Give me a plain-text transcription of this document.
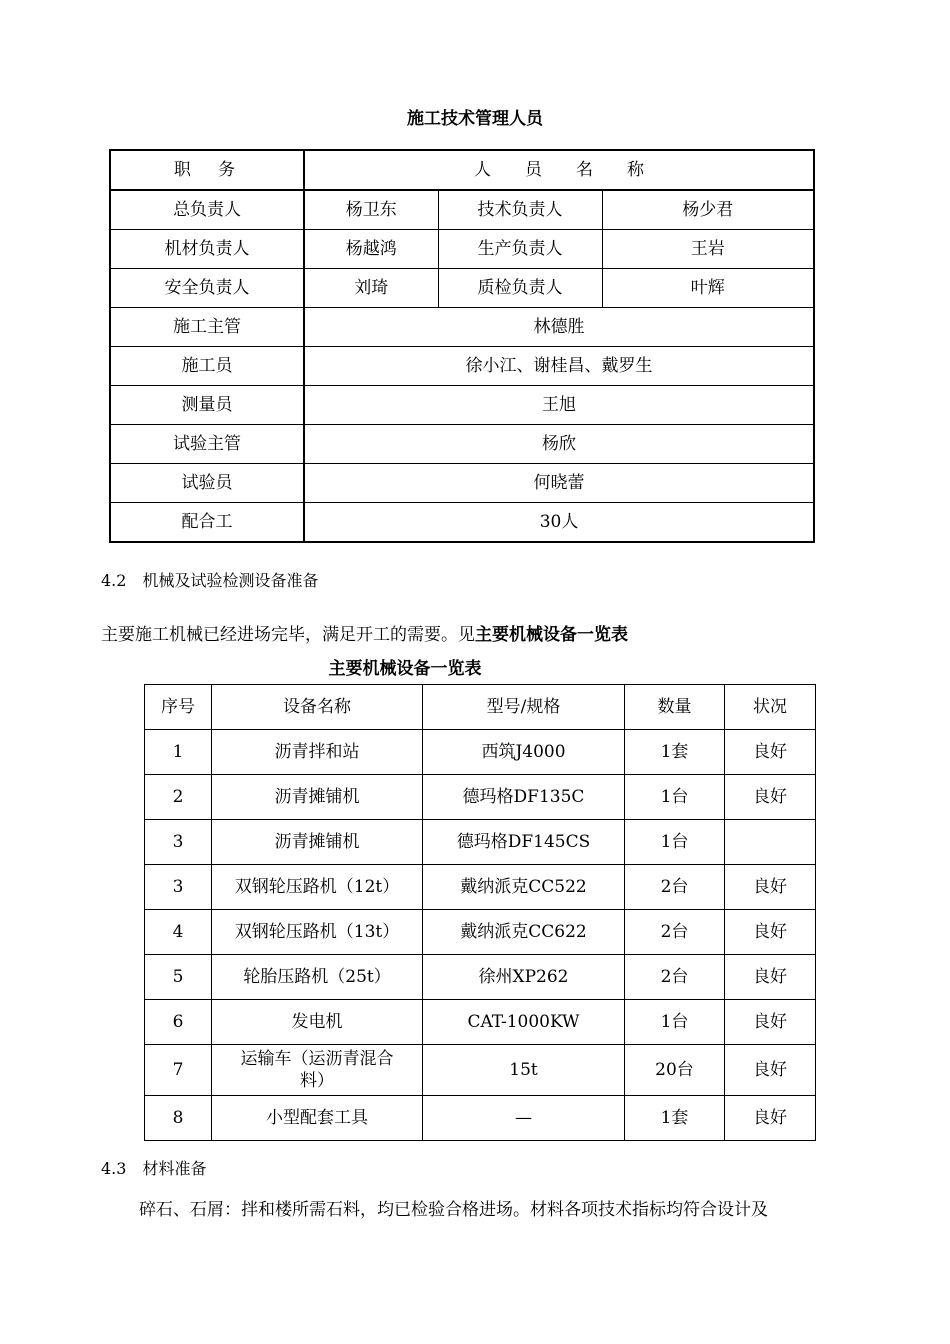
施工技术管理人员
职　务	人　　员　　名　　称		
总负责人	杨卫东	技术负责人	杨少君
机材负责人	杨越鸿	生产负责人	王岩
安全负责人	刘琦	质检负责人	叶辉
施工主管	林德胜		
施工员	徐小江、谢桂昌、戴罗生		
测量员	王旭		
试验主管	杨欣		
试验员	何晓蕾		
配合工	30人		
4.2　机械及试验检测设备准备
主要施工机械已经进场完毕，满足开工的需要。见主要机械设备一览表
主要机械设备一览表
序号	设备名称	型号/规格	数量	状况
1	沥青拌和站	西筑J4000	1套	良好
2	沥青摊铺机	德玛格DF135C	1台	良好
3	沥青摊铺机	德玛格DF145CS	1台	
3	双钢轮压路机（12t）	戴纳派克CC522	2台	良好
4	双钢轮压路机（13t）	戴纳派克CC622	2台	良好
5	轮胎压路机（25t）	徐州XP262	2台	良好
6	发电机	CAT-1000KW	1台	良好
7	运输车（运沥青混合料）	15t	20台	良好
8	小型配套工具	—	1套	良好
4.3　材料准备
碎石、石屑：拌和楼所需石料，均已检验合格进场。材料各项技术指标均符合设计及
